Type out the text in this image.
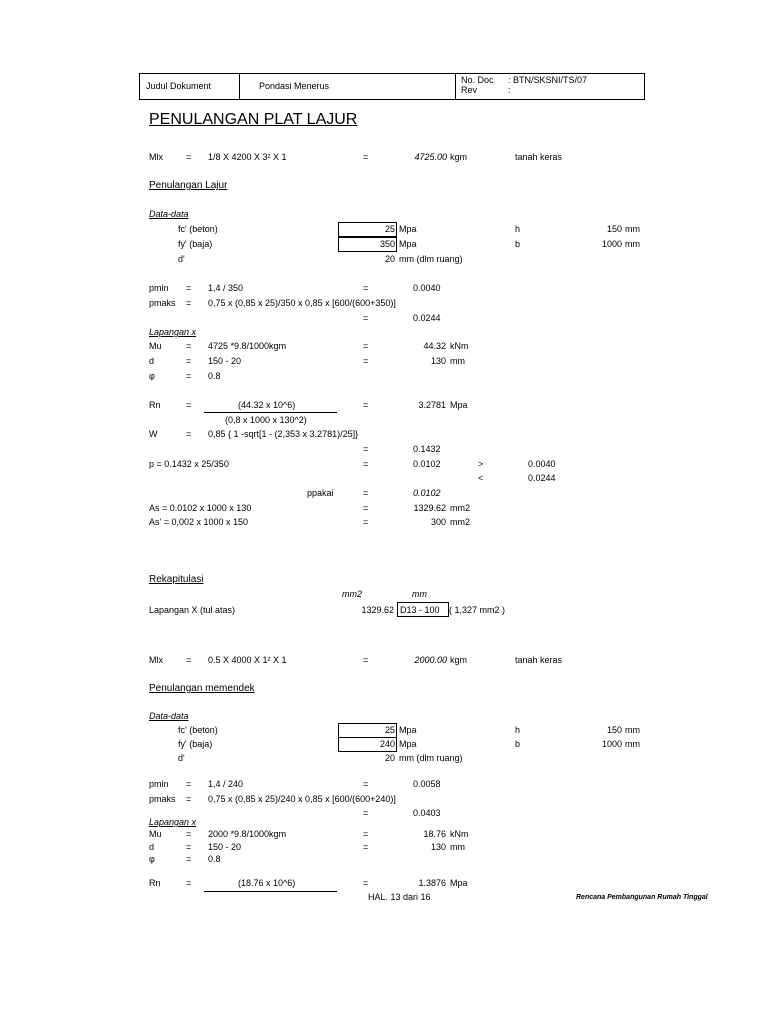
Judul Dokument	Pondasi Menerus
No. Doc : BTN/SKSNI/TS/07
Rev	:
PENULANGAN PLAT LAJUR
Mlx	= 1/8 X 4200 X 3² X 1	=	4725.00 kgm	tanah keras
Penulangan Lajur
Data-data
fc' (beton)	25 Mpa	h	150 mm
fy' (baja)	350 Mpa	b	1000 mm
d'	20 mm (dlm ruang)
pmin = 1,4 / 350	=	0.0040
pmaks = 0,75 x (0,85 x 25)/350 x 0,85 x [600/(600+350)]
=	0.0244
Lapangan x
Mu	= 4725 *9.8/1000kgm	=	44.32 kNm
d	= 150 - 20	=	130 mm
φ	= 0.8
Rn	=	(44.32 x 10^6)
(0,8 x 1000 x 130^2)
=	3.2781 Mpa
W	= 0,85 { 1 -sqrt[1 - (2,353 x 3.2781)/25]}
=	0.1432
p = 0.1432 x 25/350	=	0.0102	>	0.0040
<	0.0244
ppakai	=	0.0102
As = 0.0102 x 1000 x 130	=	1329.62 mm2
As' = 0,002 x 1000 x 150	=	300 mm2
Rekapitulasi
mm2	mm
Lapangan X (tul atas)	1329.62 D13 - 100 ( 1,327 mm2 )
Mlx	= 0.5 X 4000 X 1² X 1	=	2000.00 kgm	tanah keras
Penulangan memendek
Data-data
fc' (beton)	25 Mpa	h	150 mm
fy' (baja)	240 Mpa	b	1000 mm
d'	20 mm (dlm ruang)
pmin = 1,4 / 240	=	0.0058
pmaks = 0,75 x (0,85 x 25)/240 x 0,85 x [600/(600+240)]
=	0.0403
Lapangan x
Mu	= 2000 *9.8/1000kgm	=	18.76 kNm
d	= 150 - 20	=	130 mm
φ	= 0.8
Rn	=	(18.76 x 10^6)	=	1.3876 Mpa
HAL. 13 dari 16	Rencana Pembangunan Rumah Tinggal
